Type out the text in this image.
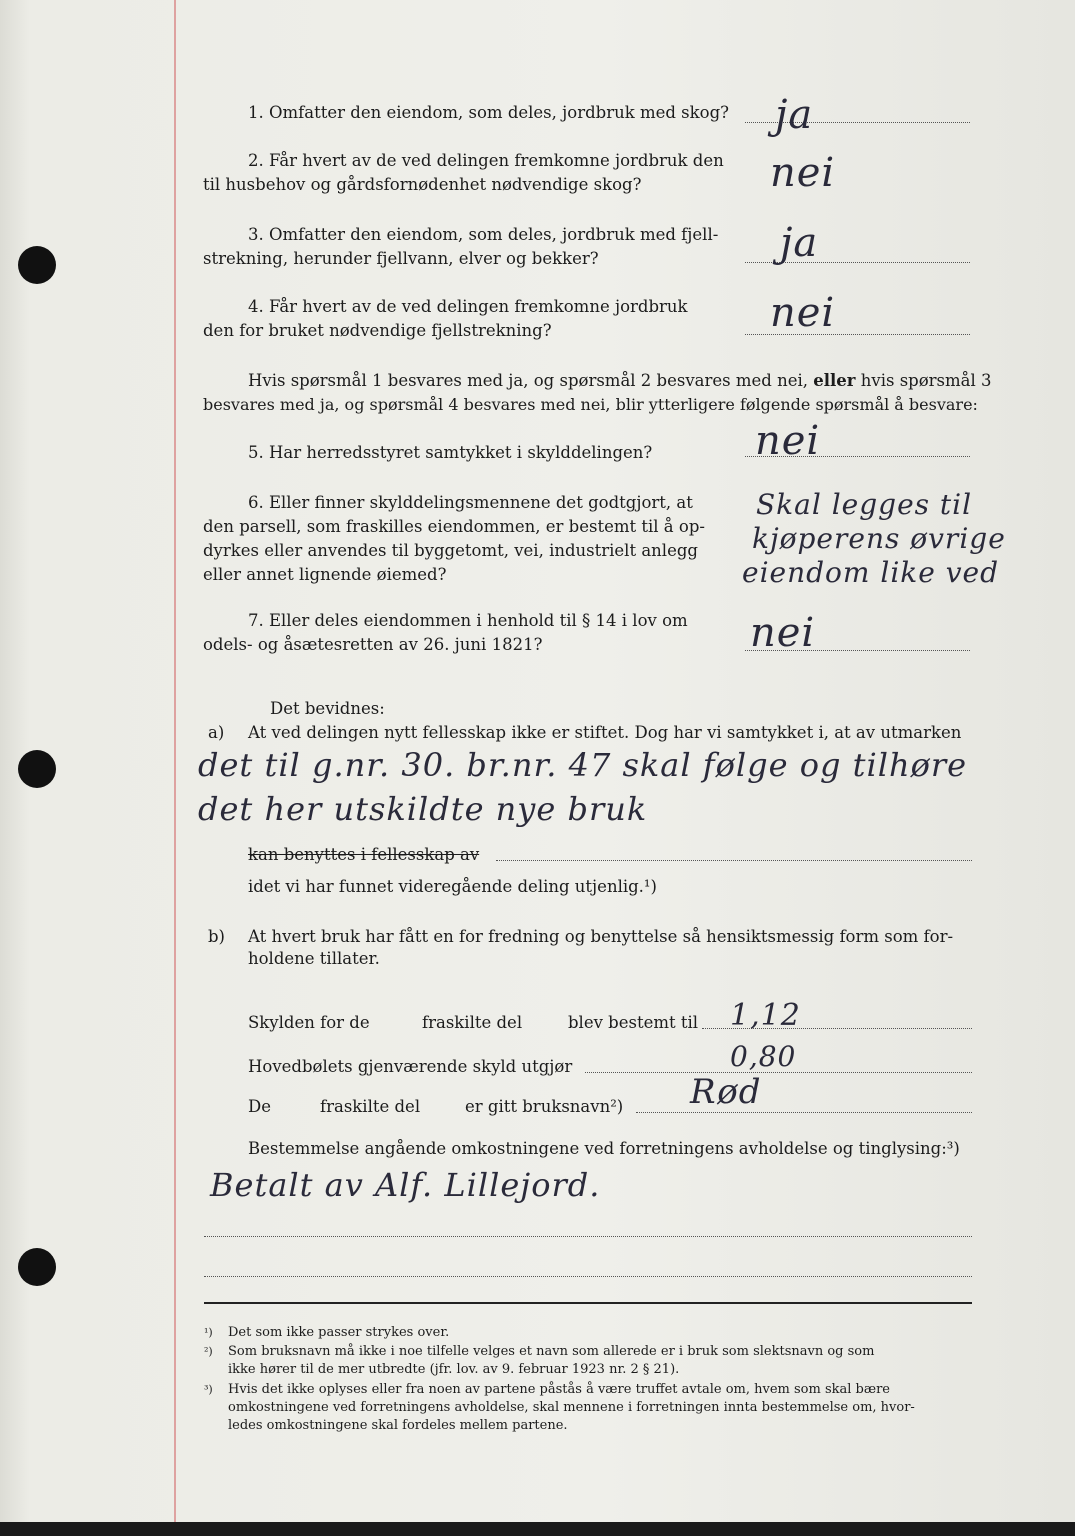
1. Omfatter den eiendom, som deles, jordbruk med skog? ja
2. Får hvert av de ved delingen fremkomne jordbruk den
til husbehov og gårdsfornødenhet nødvendige skog?	nei
3. Omfatter den eiendom, som deles, jordbruk med fjell-
strekning, herunder fjellvann, elver og bekker?	ja
4. Får hvert av de ved delingen fremkomne jordbruk
den for bruket nødvendige fjellstrekning?	nei
Hvis spørsmål 1 besvares med ja, og spørsmål 2 besvares med nei, eller hvis spørsmål 3
besvares med ja, og spørsmål 4 besvares med nei, blir ytterligere følgende spørsmål å besvare:
5. Har herredsstyret samtykket i skylddelingen?	nei
6. Eller finner skylddelingsmennene det godtgjort, at
den parsell, som fraskilles eiendommen, er bestemt til å op-
dyrkes eller anvendes til byggetomt, vei, industrielt anlegg
eller annet lignende øiemed?
Skal legges til
kjøperens øvrige
eiendom like ved
7. Eller deles eiendommen i henhold til § 14 i lov om
odels- og åsætesretten av 26. juni 1821?	nei
Det bevidnes:
a) At ved delingen nytt fellesskap ikke er stiftet. Dog har vi samtykket i, at av utmarken
det til g.nr. 30. br.nr. 47 skal følge og tilhøre
det her utskildte nye bruk
kan benyttes i fellesskap av
idet vi har funnet videregående deling utjenlig.¹)
b) At hvert bruk har fått en for fredning og benyttelse så hensiktsmessig form som for-
holdene tillater.
Skylden for de	fraskilte del	blev bestemt til 1,12
Hovedbølets gjenværende skyld utgjør	0,80
De	fraskilte del	er gitt bruksnavn²) Rød
Bestemmelse angående omkostningene ved forretningens avholdelse og tinglysing:³)
Betalt av Alf. Lillejord.
¹) Det som ikke passer strykes over.
²) Som bruksnavn må ikke i noe tilfelle velges et navn som allerede er i bruk som slektsnavn og som
ikke hører til de mer utbredte (jfr. lov. av 9. februar 1923 nr. 2 § 21).
³) Hvis det ikke oplyses eller fra noen av partene påstås å være truffet avtale om, hvem som skal bære
omkostningene ved forretningens avholdelse, skal mennene i forretningen innta bestemmelse om, hvor-
ledes omkostningene skal fordeles mellem partene.
